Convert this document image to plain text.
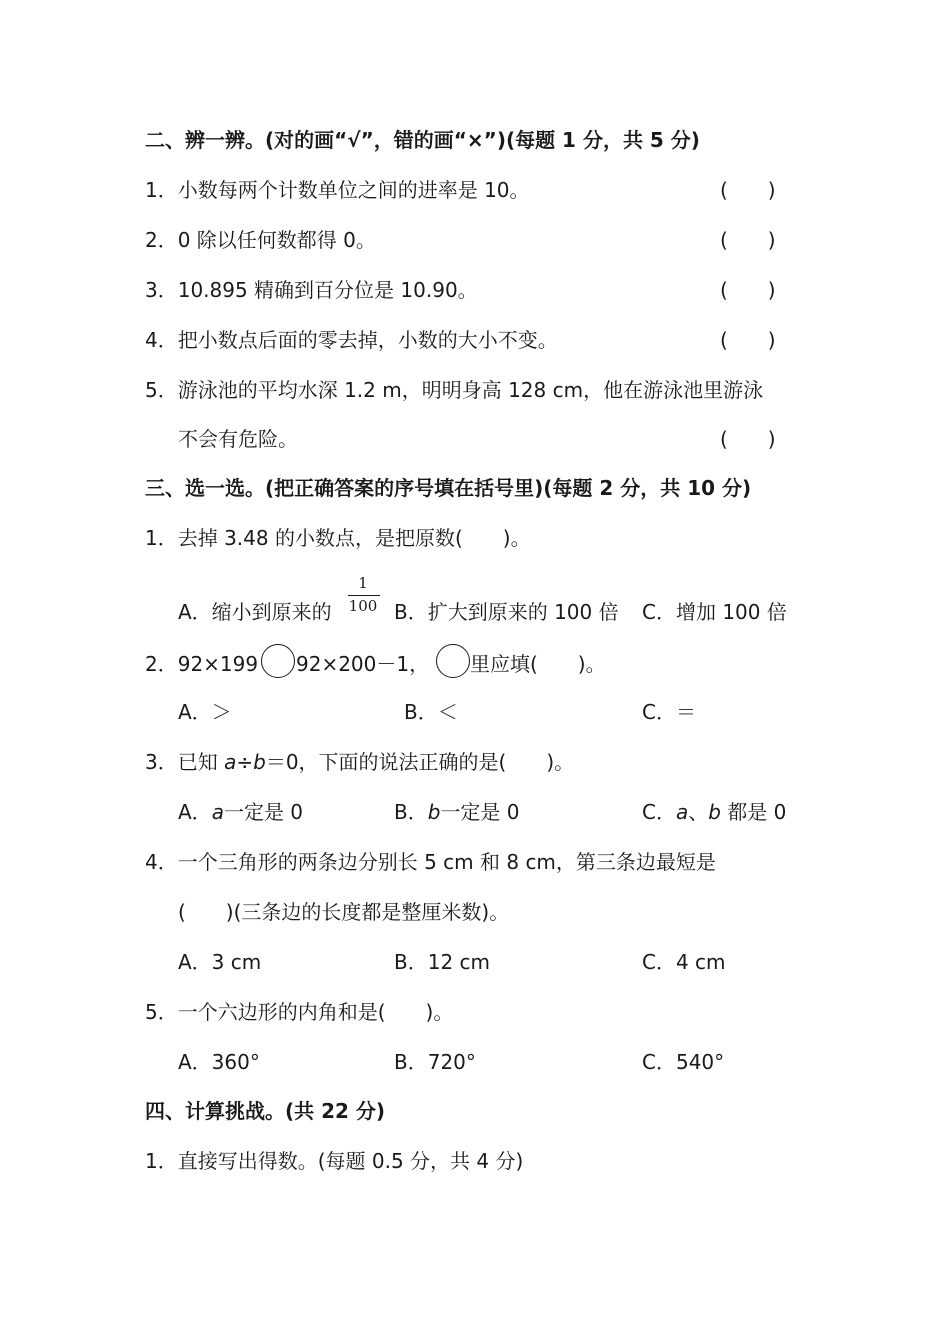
二、辨一辨。(对的画“√”，错的画“×”)(每题 1 分，共 5 分)
1．小数每两个计数单位之间的进率是 10。	(　　)
2．0 除以任何数都得 0。	(　　)
3．10.895 精确到百分位是 10.90。	(　　)
4．把小数点后面的零去掉，小数的大小不变。	(　　)
5．游泳池的平均水深 1.2 m，明明身高 128 cm，他在游泳池里游泳
不会有危险。	(　　)
三、选一选。(把正确答案的序号填在括号里)(每题 2 分，共 10 分)
1．去掉 3.48 的小数点，是把原数(　　)。
A．缩小到原来的
1
100 B．扩大到原来的 100 倍 C．增加 100 倍
2．92×199 92×200－1， 里应填(　　)。
A．＞	B．＜	C．＝
3．已知 a÷b＝0，下面的说法正确的是(　　)。
A．a一定是 0	B．b一定是 0	C．a、b 都是 0
4．一个三角形的两条边分别长 5 cm 和 8 cm，第三条边最短是
(　　)(三条边的长度都是整厘米数)。
A．3 cm	B．12 cm	C．4 cm
5．一个六边形的内角和是(　　)。
A．360°	B．720°	C．540°
四、计算挑战。(共 22 分)
1．直接写出得数。(每题 0.5 分，共 4 分)
